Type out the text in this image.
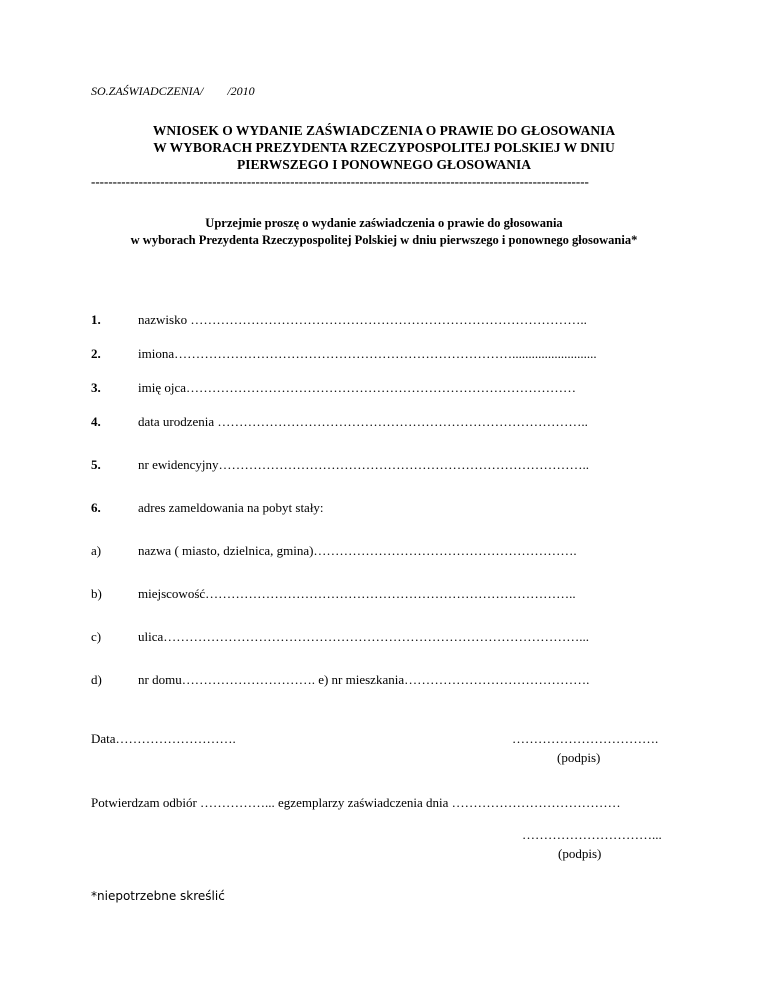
SO.ZAŚWIADCZENIA/ /2010
WNIOSEK O WYDANIE ZAŚWIADCZENIA O PRAWIE DO GŁOSOWANIA
W WYBORACH PREZYDENTA RZECZYPOSPOLITEJ POLSKIEJ W DNIU
PIERWSZEGO I PONOWNEGO GŁOSOWANIA
-------------------------------------------------------------------------------------------------------------------
Uprzejmie proszę o wydanie zaświadczenia o prawie do głosowania
w wyborach Prezydenta Rzeczypospolitej Polskiej w dniu pierwszego i ponownego głosowania*
1.	nazwisko ………………………………………………………………………………..
2.	imiona……………………………………………………………………..........................
3.	imię ojca………………………………………………………………………………
4.	data urodzenia …………………………………………………………………………..
5.	nr ewidencyjny…………………………………………………………………………..
6.	adres zameldowania na pobyt stały:
a)	nazwa ( miasto, dzielnica, gmina)…………………………………………………….
b)	miejscowość…………………………………………………………………………..
c)	ulica……………………………………………………………………………………...
d)	nr domu…………………………. e) nr mieszkania…………………………………….
Data……………………….	…………………………….
(podpis)
Potwierdzam odbiór ……………... egzemplarzy zaświadczenia dnia …………………………………
…………………………...
(podpis)
*niepotrzebne skreślić
